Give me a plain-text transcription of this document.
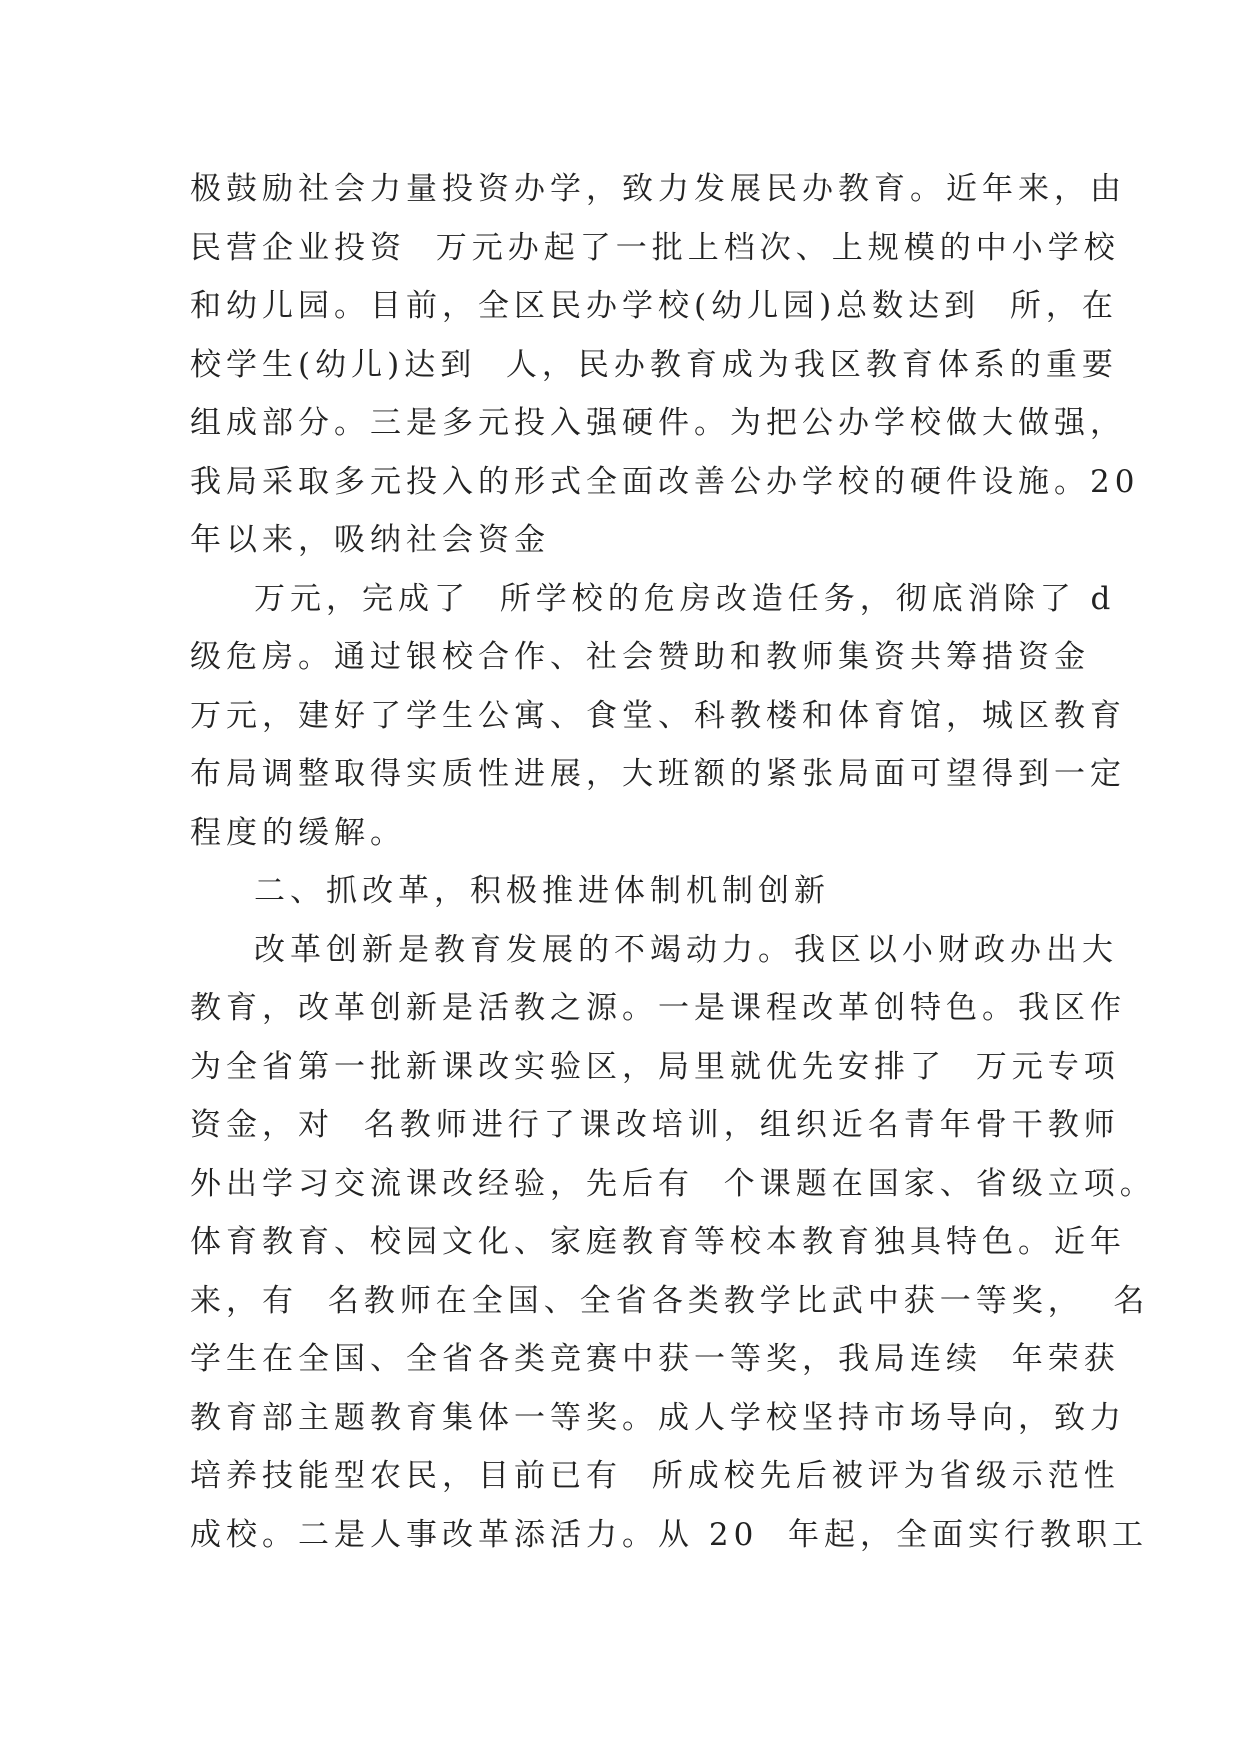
极鼓励社会力量投资办学，致力发展民办教育。近年来，由
民营企业投资  万元办起了一批上档次、上规模的中小学校
和幼儿园。目前，全区民办学校(幼儿园)总数达到  所，在
校学生(幼儿)达到  人，民办教育成为我区教育体系的重要
组成部分。三是多元投入强硬件。为把公办学校做大做强，
我局采取多元投入的形式全面改善公办学校的硬件设施。20
年以来，吸纳社会资金
万元，完成了  所学校的危房改造任务，彻底消除了 d
级危房。通过银校合作、社会赞助和教师集资共筹措资金
万元，建好了学生公寓、食堂、科教楼和体育馆，城区教育
布局调整取得实质性进展，大班额的紧张局面可望得到一定
程度的缓解。
二、抓改革，积极推进体制机制创新
改革创新是教育发展的不竭动力。我区以小财政办出大
教育，改革创新是活教之源。一是课程改革创特色。我区作
为全省第一批新课改实验区，局里就优先安排了  万元专项
资金，对  名教师进行了课改培训，组织近名青年骨干教师
外出学习交流课改经验，先后有  个课题在国家、省级立项。
体育教育、校园文化、家庭教育等校本教育独具特色。近年
来，有  名教师在全国、全省各类教学比武中获一等奖，  名
学生在全国、全省各类竞赛中获一等奖，我局连续  年荣获
教育部主题教育集体一等奖。成人学校坚持市场导向，致力
培养技能型农民，目前已有  所成校先后被评为省级示范性
成校。二是人事改革添活力。从 20  年起，全面实行教职工
